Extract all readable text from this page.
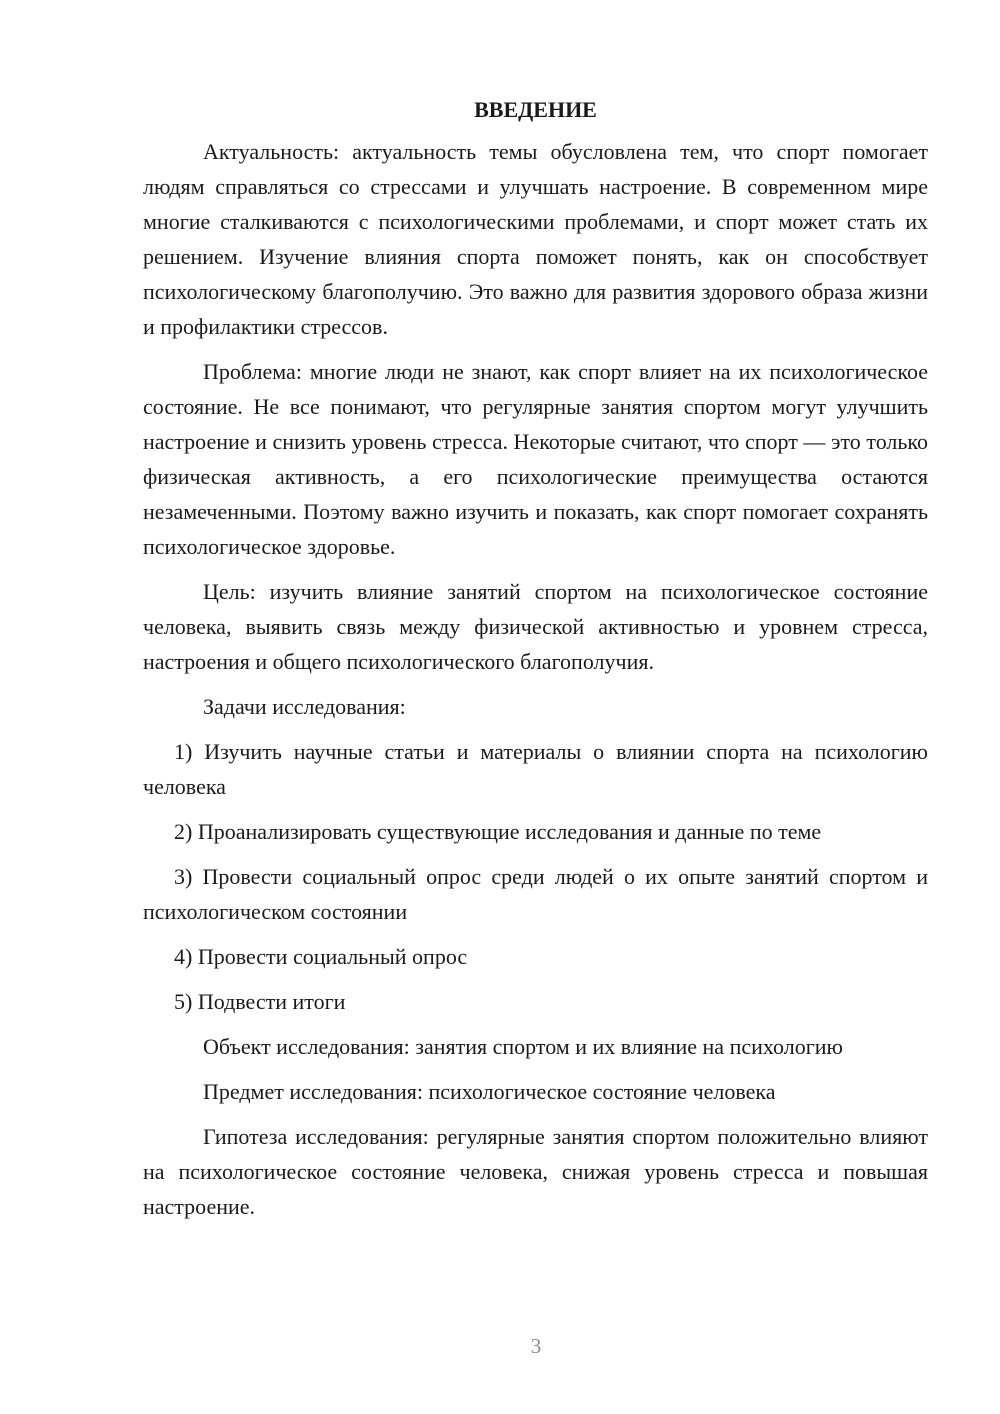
ВВЕДЕНИЕ

Актуальность: актуальность темы обусловлена тем, что спорт помогает людям справляться со стрессами и улучшать настроение. В современном мире многие сталкиваются с психологическими проблемами, и спорт может стать их решением. Изучение влияния спорта поможет понять, как он способствует психологическому благополучию. Это важно для развития здорового образа жизни и профилактики стрессов.

Проблема: многие люди не знают, как спорт влияет на их психологическое состояние. Не все понимают, что регулярные занятия спортом могут улучшить настроение и снизить уровень стресса. Некоторые считают, что спорт — это только физическая активность, а его психологические преимущества остаются незамеченными. Поэтому важно изучить и показать, как спорт помогает сохранять психологическое здоровье.

Цель: изучить влияние занятий спортом на психологическое состояние человека, выявить связь между физической активностью и уровнем стресса, настроения и общего психологического благополучия.

Задачи исследования:

1) Изучить научные статьи и материалы о влиянии спорта на психологию человека

2) Проанализировать существующие исследования и данные по теме

3) Провести социальный опрос среди людей о их опыте занятий спортом и психологическом состоянии

4) Провести социальный опрос

5) Подвести итоги

Объект исследования: занятия спортом и их влияние на психологию

Предмет исследования: психологическое состояние человека

Гипотеза исследования: регулярные занятия спортом положительно влияют на психологическое состояние человека, снижая уровень стресса и повышая настроение.

3
